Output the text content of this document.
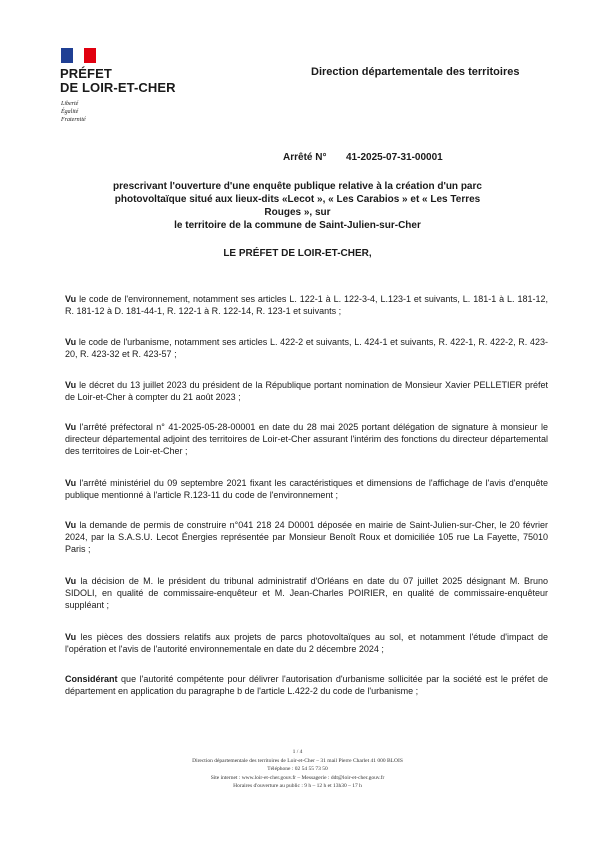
PRÉFET
DE LOIR-ET-CHER
Liberté
Égalité
Fraternité
Direction départementale des territoires
Arrêté N° 41-2025-07-31-00001
prescrivant l'ouverture d'une enquête publique relative à la création d'un parc
photovoltaïque situé aux lieux-dits «Lecot », « Les Carabios » et « Les Terres Rouges », sur
le territoire de la commune de Saint-Julien-sur-Cher
LE PRÉFET DE LOIR-ET-CHER,
Vu le code de l'environnement, notamment ses articles L. 122-1 à L. 122-3-4, L.123-1 et suivants, L. 181-1 à L. 181-12, R. 181-12 à D. 181-44-1, R. 122-1 à R. 122-14, R. 123-1 et suivants ;
Vu le code de l'urbanisme, notamment ses articles L. 422-2 et suivants, L. 424-1 et suivants, R. 422-1, R. 422-2, R. 423-20, R. 423-32 et R. 423-57 ;
Vu le décret du 13 juillet 2023 du président de la République portant nomination de Monsieur Xavier PELLETIER préfet de Loir-et-Cher à compter du 21 août 2023 ;
Vu l'arrêté préfectoral n° 41-2025-05-28-00001 en date du 28 mai 2025 portant délégation de signature à monsieur le directeur départemental adjoint des territoires de Loir-et-Cher assurant l'intérim des fonctions du directeur départemental des territoires de Loir-et-Cher ;
Vu l'arrêté ministériel du 09 septembre 2021 fixant les caractéristiques et dimensions de l'affichage de l'avis d'enquête publique mentionné à l'article R.123-11 du code de l'environnement ;
Vu la demande de permis de construire n°041 218 24 D0001 déposée en mairie de Saint-Julien-sur-Cher, le 20 février 2024, par la S.A.S.U. Lecot Énergies représentée par Monsieur Benoît Roux et domiciliée 105 rue La Fayette, 75010 Paris ;
Vu la décision de M. le président du tribunal administratif d'Orléans en date du 07 juillet 2025 désignant M. Bruno SIDOLI, en qualité de commissaire-enquêteur et M. Jean-Charles POIRIER, en qualité de commissaire-enquêteur suppléant ;
Vu les pièces des dossiers relatifs aux projets de parcs photovoltaïques au sol, et notamment l'étude d'impact de l'opération et l'avis de l'autorité environnementale en date du 2 décembre 2024 ;
Considérant que l'autorité compétente pour délivrer l'autorisation d'urbanisme sollicitée par la société est le préfet de département en application du paragraphe b de l'article L.422-2 du code de l'urbanisme ;
1 / 4
Direction départementale des territoires de Loir-et-Cher – 31 mail Pierre Charlet 41 000 BLOIS
Téléphone : 02 54 55 73 50
Site internet : www.loir-et-cher.gouv.fr – Messagerie : ddt@loir-et-cher.gouv.fr
Horaires d'ouverture au public : 9 h – 12 h et 13h30 – 17 h
